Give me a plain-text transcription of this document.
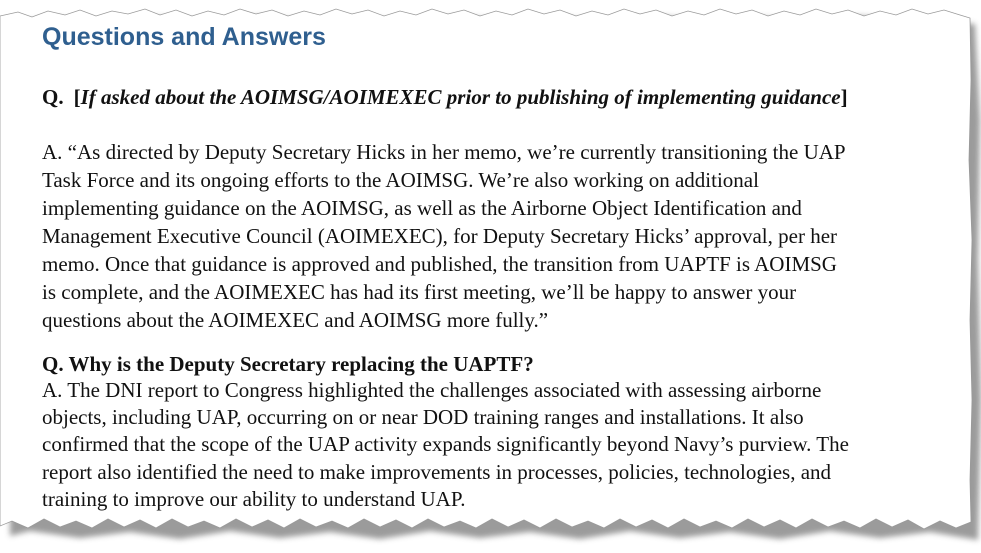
Questions and Answers
Q. [If asked about the AOIMSG/AOIMEXEC prior to publishing of implementing guidance]
A. “As directed by Deputy Secretary Hicks in her memo, we’re currently transitioning the UAP
Task Force and its ongoing efforts to the AOIMSG. We’re also working on additional
implementing guidance on the AOIMSG, as well as the Airborne Object Identification and
Management Executive Council (AOIMEXEC), for Deputy Secretary Hicks’ approval, per her
memo. Once that guidance is approved and published, the transition from UAPTF is AOIMSG
is complete, and the AOIMEXEC has had its first meeting, we’ll be happy to answer your
questions about the AOIMEXEC and AOIMSG more fully.”
Q. Why is the Deputy Secretary replacing the UAPTF?
A. The DNI report to Congress highlighted the challenges associated with assessing airborne
objects, including UAP, occurring on or near DOD training ranges and installations. It also
confirmed that the scope of the UAP activity expands significantly beyond Navy’s purview. The
report also identified the need to make improvements in processes, policies, technologies, and
training to improve our ability to understand UAP.
